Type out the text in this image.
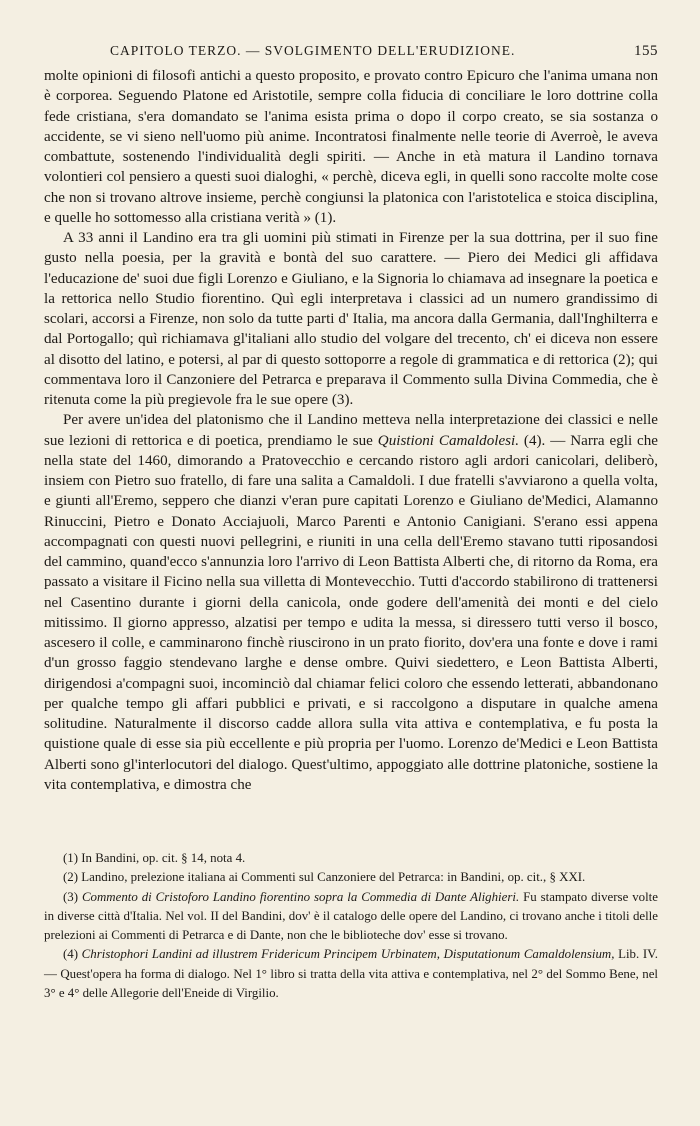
CAPITOLO TERZO. — SVOLGIMENTO DELL'ERUDIZIONE.	155

molte opinioni di filosofi antichi a questo proposito, e provato contro Epicuro che l'anima umana non è corporea. Seguendo Platone ed Aristotile, sempre colla fiducia di conciliare le loro dottrine colla fede cristiana, s'era domandato se l'anima esista prima o dopo il corpo creato, se sia sostanza o accidente, se vi sieno nell'uomo più anime. Incontratosi finalmente nelle teorie di Averroè, le aveva combattute, sostenendo l'individualità degli spiriti. — Anche in età matura il Landino tornava volontieri col pensiero a questi suoi dialoghi, « perchè, diceva egli, in quelli sono raccolte molte cose che non si trovano altrove insieme, perchè congiunsi la platonica con l'aristotelica e stoica disciplina, e quelle ho sottomesso alla cristiana verità » (1).

A 33 anni il Landino era tra gli uomini più stimati in Firenze per la sua dottrina, per il suo fine gusto nella poesia, per la gravità e bontà del suo carattere. — Piero dei Medici gli affidava l'educazione de' suoi due figli Lorenzo e Giuliano, e la Signoria lo chiamava ad insegnare la poetica e la rettorica nello Studio fiorentino. Quì egli interpretava i classici ad un numero grandissimo di scolari, accorsi a Firenze, non solo da tutte parti d' Italia, ma ancora dalla Germania, dall'Inghilterra e dal Portogallo; quì richiamava gl'italiani allo studio del volgare del trecento, ch' ei diceva non essere al disotto del latino, e potersi, al par di questo sottoporre a regole di grammatica e di rettorica (2); qui commentava loro il Canzoniere del Petrarca e preparava il Commento sulla Divina Commedia, che è ritenuta come la più pregievole fra le sue opere (3).

Per avere un'idea del platonismo che il Landino metteva nella interpretazione dei classici e nelle sue lezioni di rettorica e di poetica, prendiamo le sue Quistioni Camaldolesi. (4). — Narra egli che nella state del 1460, dimorando a Pratovecchio e cercando ristoro agli ardori canicolari, deliberò, insiem con Pietro suo fratello, di fare una salita a Camaldoli. I due fratelli s'avviarono a quella volta, e giunti all'Eremo, seppero che dianzi v'eran pure capitati Lorenzo e Giuliano de'Medici, Alamanno Rinuccini, Pietro e Donato Acciajuoli, Marco Parenti e Antonio Canigiani. S'erano essi appena accompagnati con questi nuovi pellegrini, e riuniti in una cella dell'Eremo stavano tutti riposandosi del cammino, quand'ecco s'annunzia loro l'arrivo di Leon Battista Alberti che, di ritorno da Roma, era passato a visitare il Ficino nella sua villetta di Montevecchio. Tutti d'accordo stabilirono di trattenersi nel Casentino durante i giorni della canicola, onde godere dell'amenità dei monti e del cielo mitissimo. Il giorno appresso, alzatisi per tempo e udita la messa, si diressero tutti verso il bosco, ascesero il colle, e camminarono finchè riuscirono in un prato fiorito, dov'era una fonte e dove i rami d'un grosso faggio stendevano larghe e dense ombre. Quivi siedettero, e Leon Battista Alberti, dirigendosi a'compagni suoi, incominciò dal chiamar felici coloro che essendo letterati, abbandonano per qualche tempo gli affari pubblici e privati, e si raccolgono a disputare in qualche amena solitudine. Naturalmente il discorso cadde allora sulla vita attiva e contemplativa, e fu posta la quistione quale di esse sia più eccellente e più propria per l'uomo. Lorenzo de'Medici e Leon Battista Alberti sono gl'interlocutori del dialogo. Quest'ultimo, appoggiato alle dottrine platoniche, sostiene la vita contemplativa, e dimostra che

(1) In Bandini, op. cit. § 14, nota 4.

(2) Landino, prelezione italiana ai Commenti sul Canzoniere del Petrarca: in Bandini, op. cit., § XXI.

(3) Commento di Cristoforo Landino fiorentino sopra la Commedia di Dante Alighieri. Fu stampato diverse volte in diverse città d'Italia. Nel vol. II del Bandini, dov' è il catalogo delle opere del Landino, ci trovano anche i titoli delle prelezioni ai Commenti di Petrarca e di Dante, non che le biblioteche dov' esse si trovano.

(4) Christophori Landini ad illustrem Fridericum Principem Urbinatem, Disputationum Camaldolensium, Lib. IV. — Quest'opera ha forma di dialogo. Nel 1° libro si tratta della vita attiva e contemplativa, nel 2° del Sommo Bene, nel 3° e 4° delle Allegorie dell'Eneide di Virgilio.
